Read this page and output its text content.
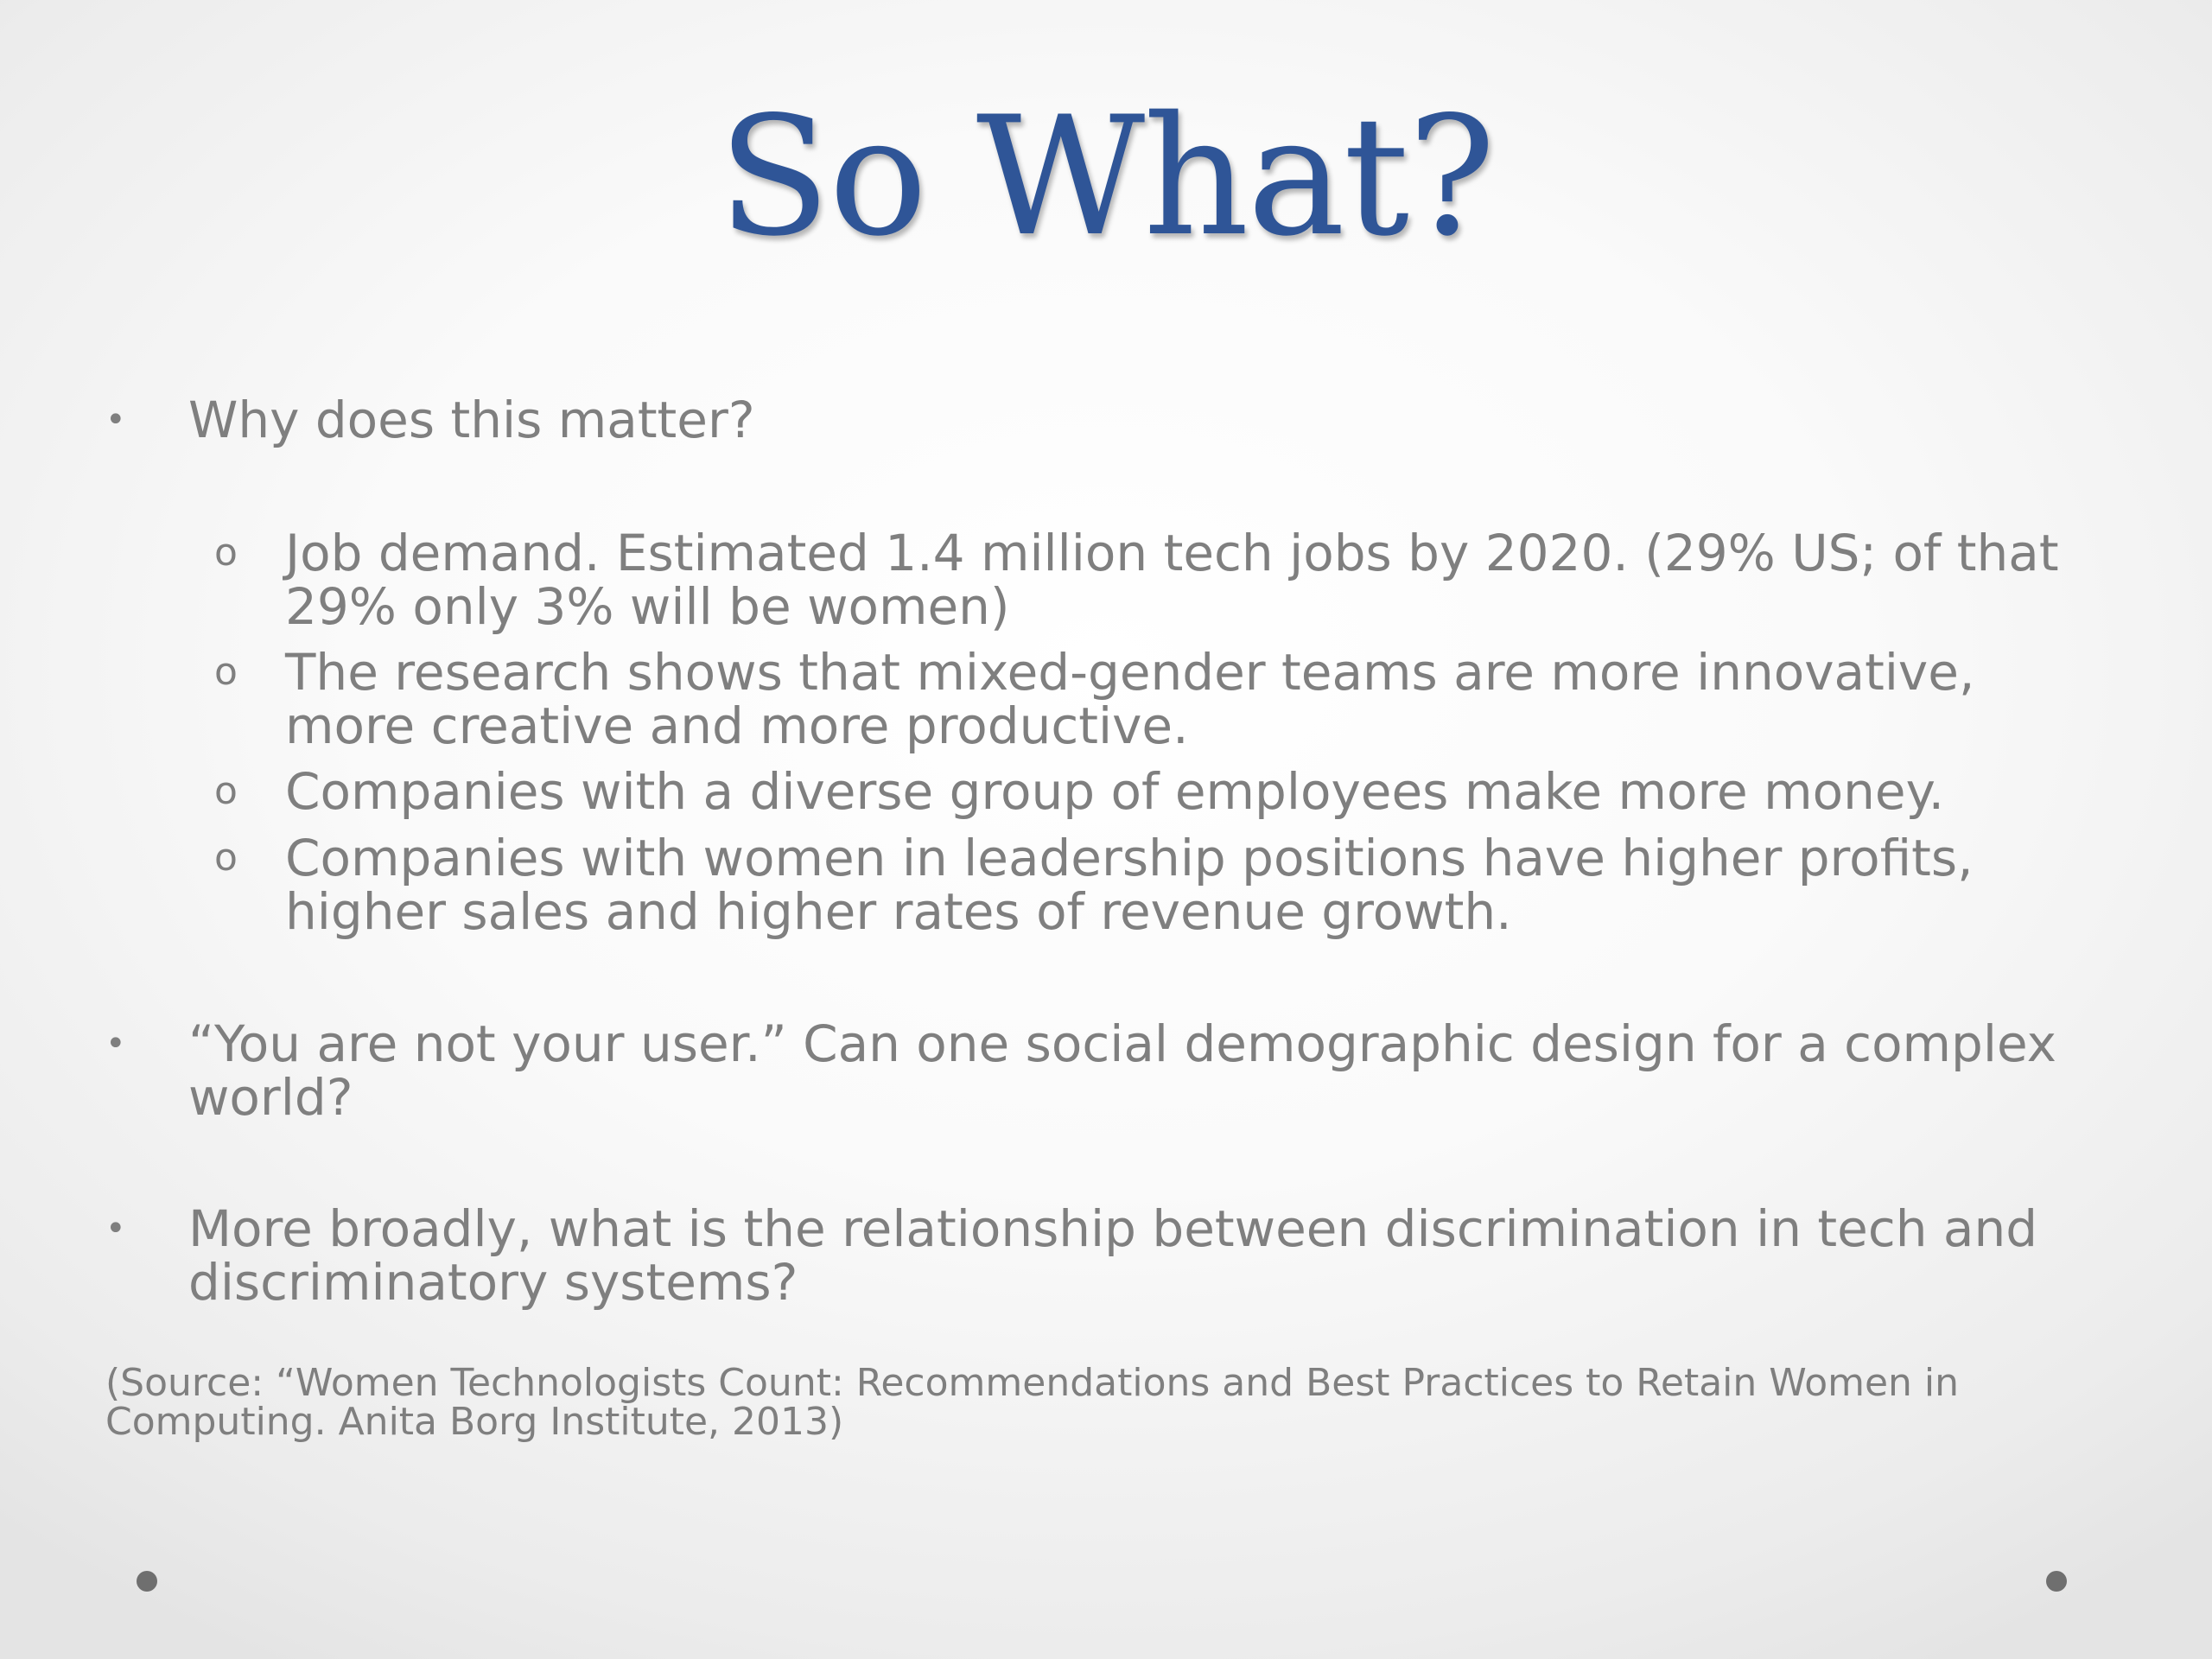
So What?
• Why does this matter?
o Job demand. Estimated 1.4 million tech jobs by 2020. (29% US; of that 29% only 3% will be women)
o The research shows that mixed-gender teams are more innovative, more creative and more productive.
o Companies with a diverse group of employees make more money.
o Companies with women in leadership positions have higher profits, higher sales and higher rates of revenue growth.
• “You are not your user.” Can one social demographic design for a complex world?
• More broadly, what is the relationship between discrimination in tech and discriminatory systems?
(Source: “Women Technologists Count: Recommendations and Best Practices to Retain Women in Computing. Anita Borg Institute, 2013)
